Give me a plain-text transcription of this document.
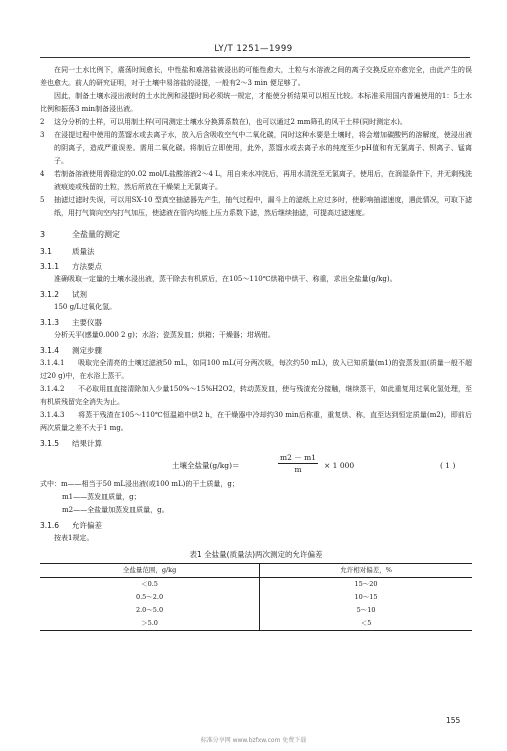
LY/T 1251—1999

在同一土水比例下，震荡时间愈长，中性盐和难溶盐被浸出的可能性愈大，土粒与水溶液之间的离子交换反应亦愈完全，由此产生的误差也愈大。前人的研究证明，对于土壤中易溶盐的浸提，一般有2～3 min 便足够了。

因此，制备土壤水浸出液时的土水比例和浸提时间必须统一规定，才能使分析结果可以相互比较。本标准采用国内普遍使用的1：5土水比例和振荡3 min制备浸出液。

2 这分分析的土样，可以用制土样(可同测定土壤水分换算系数在)，也可以通过2 mm筛孔的风干土样(同时测定水)。

3 在浸提过程中使用的蒸馏水或去离子水，放入后含吸收空气中二氧化碳，同时这种水要是土壤时，将会增加碳酸钙的溶解度，使浸出液的阴离子，造成严重误差。需用二氧化碳。将制后立即使用，此外，蒸馏水或去离子水的纯度至少pH值和有无氯离子、钡离子、锰离子。

4 若制备溶液使用需稳定的0.02 mol/L盐酸溶液2～4 L，用自来水冲洗后，再用水清洗至无氯离子，使用后，在润湿条件下，并无剩残洗液痕迹或残留的土粒，然后所放在干燥架上无氯离子。

5 抽滤过滤时失误，可以用SX-10 型真空抽滤器先产生，抽气过程中，漏斗上的滤纸上应过多时，使影响抽滤速度，遇此情况，可取下滤纸，用打气筒向空内打气加压，使滤液在管内均能上压力系数下滤，然后继续抽滤，可提高过滤速度。

3	全盐量的测定
3.1	质量法
3.1.1 方法要点

准确吸取一定量的土壤水浸出液，蒸干除去有机质后，在105～110℃烘箱中烘干、称重，求出全盐量(g/kg)。

3.1.2 试剂

150 g/L过氧化氢。

3.1.3 主要仪器

分析天平(感量0.000 2 g)；水浴；瓷蒸发皿；烘箱；干燥器；坩埚钳。

3.1.4 测定步骤

3.1.4.1 吸取完全清亮的土壤过滤液50 mL，如同100 mL(可分两次吸，每次约50 mL)，放入已知质量(m1)的瓷蒸发皿(质量一般不超过20 g)中，在水浴上蒸干。

3.1.4.2 不必取用皿直接清除加入少量150%～15%H2O2，转动蒸发皿，使与残渣充分接触，继续蒸干，如此重复用过氧化氢处理，至有机质残留完全消失为止。

3.1.4.3 将蒸干残渣在105～110℃恒温箱中烘2 h，在干燥器中冷却约30 min后称重，重复烘、称，直至达到恒定质量(m2)，即前后两次质量之差不大于1 mg。

3.1.5 结果计算
土壤全盐量(g/kg)＝	$\frac{m2 - m1}{m} \times 1$ 000	( 1 )

式中：m——相当于50 mL浸出液(或100 mL)的干土质量，g；

m1——蒸发皿质量，g；

m2——全盐量加蒸发皿质量，g。

3.1.6 允许偏差

按表1规定。

表1 全盐量(质量法)两次测定的允许偏差
全盐量范围，g/kg	允许相对偏差，%
＜0.5	15～20
0.5～2.0	10～15
2.0～5.0	5～10
＞5.0	＜5
155
标准分享网 www.bzfxw.com 免费下载
